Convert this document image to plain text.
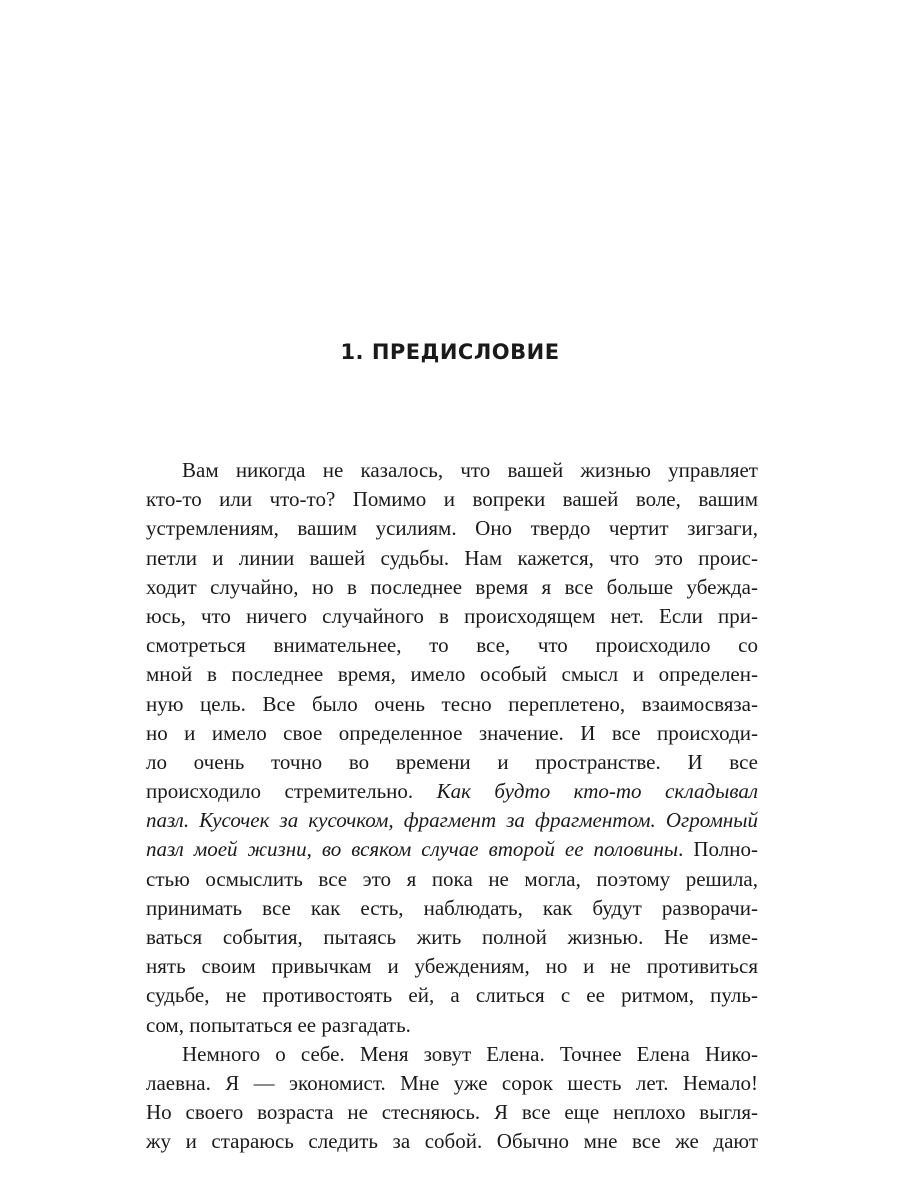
1. ПРЕДИСЛОВИЕ
Вам никогда не казалось, что вашей жизнью управляет
кто-то или что-то? Помимо и вопреки вашей воле, вашим
устремлениям, вашим усилиям. Оно твердо чертит зигзаги,
петли и линии вашей судьбы. Нам кажется, что это проис-
ходит случайно, но в последнее время я все больше убежда-
юсь, что ничего случайного в происходящем нет. Если при-
смотреться внимательнее, то все, что происходило со
мной в последнее время, имело особый смысл и определен-
ную цель. Все было очень тесно переплетено, взаимосвяза-
но и имело свое определенное значение. И все происходи-
ло очень точно во времени и пространстве. И все
происходило стремительно. Как будто кто-то складывал
пазл. Кусочек за кусочком, фрагмент за фрагментом. Огромный
пазл моей жизни, во всяком случае второй ее половины. Полно-
стью осмыслить все это я пока не могла, поэтому решила,
принимать все как есть, наблюдать, как будут разворачи-
ваться события, пытаясь жить полной жизнью. Не изме-
нять своим привычкам и убеждениям, но и не противиться
судьбе, не противостоять ей, а слиться с ее ритмом, пуль-
сом, попытаться ее разгадать.
Немного о себе. Меня зовут Елена. Точнее Елена Нико-
лаевна. Я — экономист. Мне уже сорок шесть лет. Немало!
Но своего возраста не стесняюсь. Я все еще неплохо выгля-
жу и стараюсь следить за собой. Обычно мне все же дают
